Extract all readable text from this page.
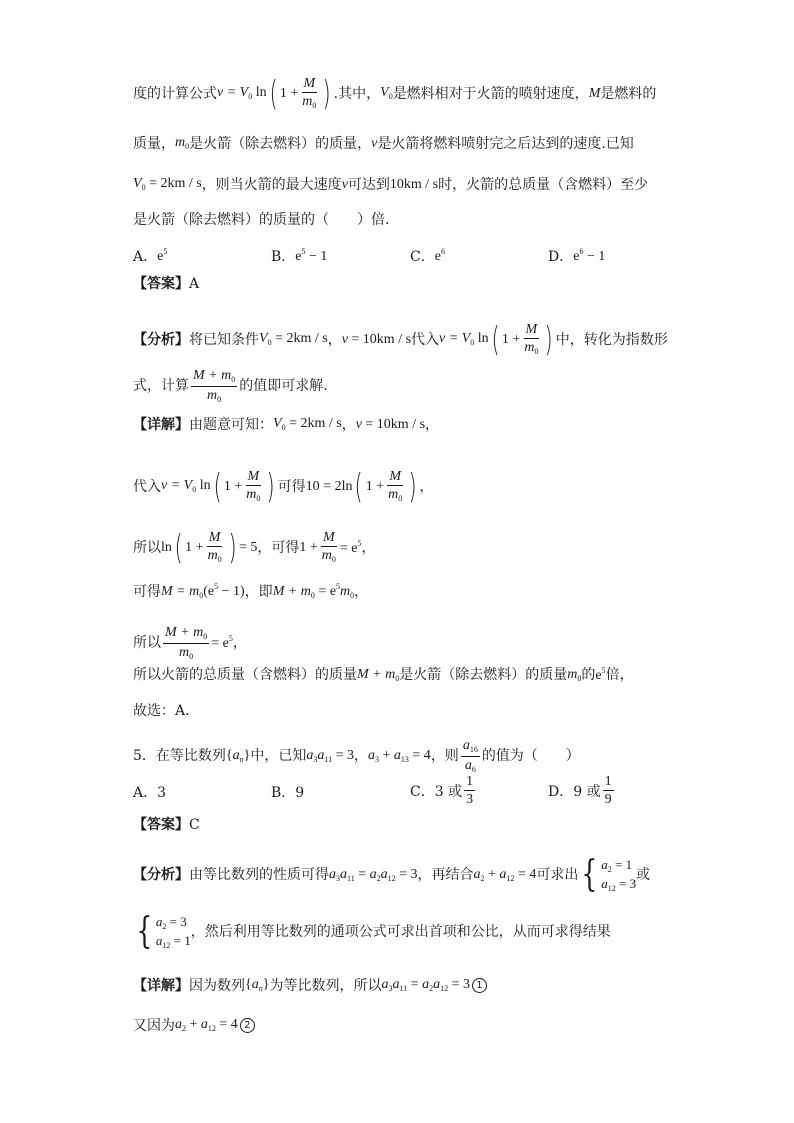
度的计算公式 $v = V_0$ ln ( $1 + \frac{M}{m_0}$ ) .其中， $V_0$ 是燃料相对于火箭的喷射速度， M 是燃料的
质量， $m_0$ 是火箭（除去燃料）的质量， v 是火箭将燃料喷射完之后达到的速度.已知
$V_0 = 2km / s$ ，则当火箭的最大速度 v 可达到 10km / s 时，火箭的总质量（含燃料）至少
是火箭（除去燃料）的质量的（　　）倍.
A． $e^5$	B． $e^5 - 1$	C． $e^6$	D． $e^6 - 1$
【答案】 A
【分析】 将已知条件 $V_0 = 2km / s$ ， v = 10km / s 代入 $v = V_0$ ln ( $1 + \frac{M}{m_0}$ ) 中，转化为指数形
式，计算 $\frac{M + m_0}{m_0}$ 的值即可求解.
【详解】 由题意可知： $V_0 = 2km / s$ ， v = 10km / s ，
代入 $v = V_0$ ln ( $1 + \frac{M}{m_0}$ ) 可得 10 = 2ln ( $1 + \frac{M}{m_0}$ ) ，
所以 ln ( $1 + \frac{M}{m_0}$ ) = 5 ，可得 $1 + \frac{M}{m_0} = e^5$ ，
可得 $M = m_0(e^5 - 1)$ ，即 $M + m_0 = e^5m_0$ ，
所以 $\frac{M + m_0}{m_0} = e^5$ ，
所以火箭的总质量（含燃料）的质量 $M + m_0$ 是火箭（除去燃料）的质量 $m_0$ 的 $e^5$ 倍，
故选：A.
5．在等比数列 $\{a_n\}$ 中，已知 $a_3a_{11} = 3$ ， $a_3 + a_{13} = 4$ ，则 $\frac{a_{16}}{a_6}$ 的值为（　　）
A．3	B．9	C．3 或 $\frac{1}{3}$	D．9 或 $\frac{1}{9}$
【答案】 C
【分析】 由等比数列的性质可得 $a_3a_{11} = a_2a_{12} = 3$ ，再结合 $a_2 + a_{12} = 4$ 可求出 { $a_2 = 1$
$a_{12} = 3$
或
{ $a_2 = 3$
$a_{12} = 1$
，然后利用等比数列的通项公式可求出首项和公比，从而可求得结果
【详解】 因为数列 $\{a_n\}$ 为等比数列，所以 $a_3a_{11} = a_2a_{12} = 3$ 1
又因为 $a_2 + a_{12} = 4$ 2
